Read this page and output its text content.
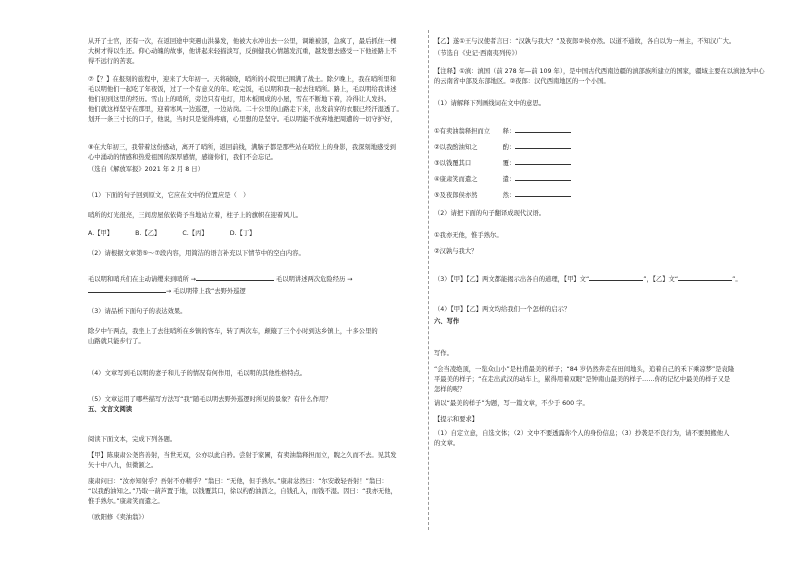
从开了士官，还有一次，在返回途中突遇山洪暴发，他被大水冲出去一公里，调雄被部，急疯了，最后抓住一棵
大树才得以生还。仰心动魄的故事，他讲起来轻描淡写，反倒健我心情越发沉重，越发想去感受一下他迹路上不
得不远行的苦衷。
⑦【？】在报刻的旅程中，迎来了大年初一。天将破晓，哨所的小院里已围满了战士。除夕晚上，我在哨所里和
毛以明他们一起吃了年夜饭，过了一个有意义的年。吃完饭，毛以明和我一起去往哨所。路上，毛以明给我讲述
他们初到这里的经历。雪山上的哨所，旁边只有电灯，用木板围成的小屋，雪在不断地下着，冷得让人发抖。
他们就这样坚守在那里，迎着寒风一边巡逻，一边站岗。二十公里的山路走下来，出发前穿的衣服已经汗湿透了。
划开一条三寸长的口子，他说，当时只是觉得疼痛，心里想的是坚守。毛以明能不放弃地把周遭的一切守护好，
⑧在大年初三，我带着这份感动，离开了哨所，返回前线，满脑子都是那些站在哨位上的身影，我深刻地感受到
心中涌动的情感和热爱祖国的深厚感情，感谢你们，我们不会忘记。
（选自《解放军报》2021 年 2 月 8 日）
（1）下面的句子回到原文，它应在文中的位置应是（　）
哨所的灯光很亮，三间房屋依依倚予当地站立着，柱子上的旗帜在迎着风儿。
A.【甲】　　　　B.【乙】　　　　C.【丙】　　　　D.【丁】
（2）请根据文章第⑤～⑦段内容，用简洁的语言补充以下情节中的空白内容。
毛以明和哨兵们在主动请缨来到哨所 →	毛以明讲述两次危险经历 →
→ 毛以明带上我“去野外巡逻
（3）请品析下面句子的表达效果。
除夕中午两点，我坐上了去往哨所在乡镇的客车，转了两次车，颠簸了三个小时到达乡镇上，十多公里的
山路就只能步行了。
（4）文章写到毛以明的妻子和儿子的情况有何作用，毛以明的其他性格特点。
（5）文章运用了哪些描写方法写“我”随毛以明去野外巡逻时所见的景象？有什么作用？
五、文言文阅读
阅读下面文本，完成下列各题。
【甲】陈康肃公尧咨善射，当世无双，公亦以此自矜。尝射于家圃，有卖油翁释担而立，睨之久而不去。见其发
矢十中八九，但微颔之。
康肃问曰：“汝亦知射乎？吾射不亦精乎？”翁曰：“无他，但手熟尔。”康肃忿然曰：“尔安敢轻吾射！”翁曰：
“以我酌油知之。”乃取一葫芦置于地，以钱覆其口，徐以杓酌油沥之，自钱孔入，而钱不湿。因曰：“我亦无他，
惟手熟尔。”康肃笑而遣之。
（欧阳修《卖油翁》）
【乙】遂①王与汉使者言曰：“汉孰与我大？”及夜郎②侯亦然。以道不通故，各自以为一州主，不知汉广大。
（节选自《史记·西南夷列传》）
【注释】①滇：滇国（前 278 年—前 109 年），是中国古代西南边疆的滇部族所建立的国家，疆域主要在以滇池为中心
的云南省中部及东部地区。②夜郎：汉代西南地区的一个小国。
（1）请解释下列画线词在文中的意思。
①有卖油翁释担而立　　释：
②以我酌油知之　　　　酌：
③以钱覆其口　　　　　覆：
④康肃笑而遣之　　　　遣：
⑤及夜郎侯亦然　　　　然：
（2）请把下面的句子翻译成现代汉语。
①我亦无他，惟手熟尔。
②汉孰与我大？
（3）【甲】【乙】两文都能揭示出各自的道理，【甲】文“	”，【乙】文“	”。
（4）【甲】【乙】两文均给我们一个怎样的启示？
六、写作
写作。
“会当凌绝顶，一览众山小”是杜甫最美的样子；“84 岁仍然奔走在田间地头，追着自己的禾下乘凉梦”是袁隆
平最美的样子；“在走出武汉的动车上，累得用着双眼”是钟南山最美的样子……你的记忆中最美的样子又是
怎样的呢？
请以“最美的样子”为题，写一篇文章，不少于 600 字。
【提示和要求】
（1）自定立意，自选文体；（2）文中不要透露你个人的身份信息；（3）抄袭是不良行为，请不要照搬他人
的文章。
